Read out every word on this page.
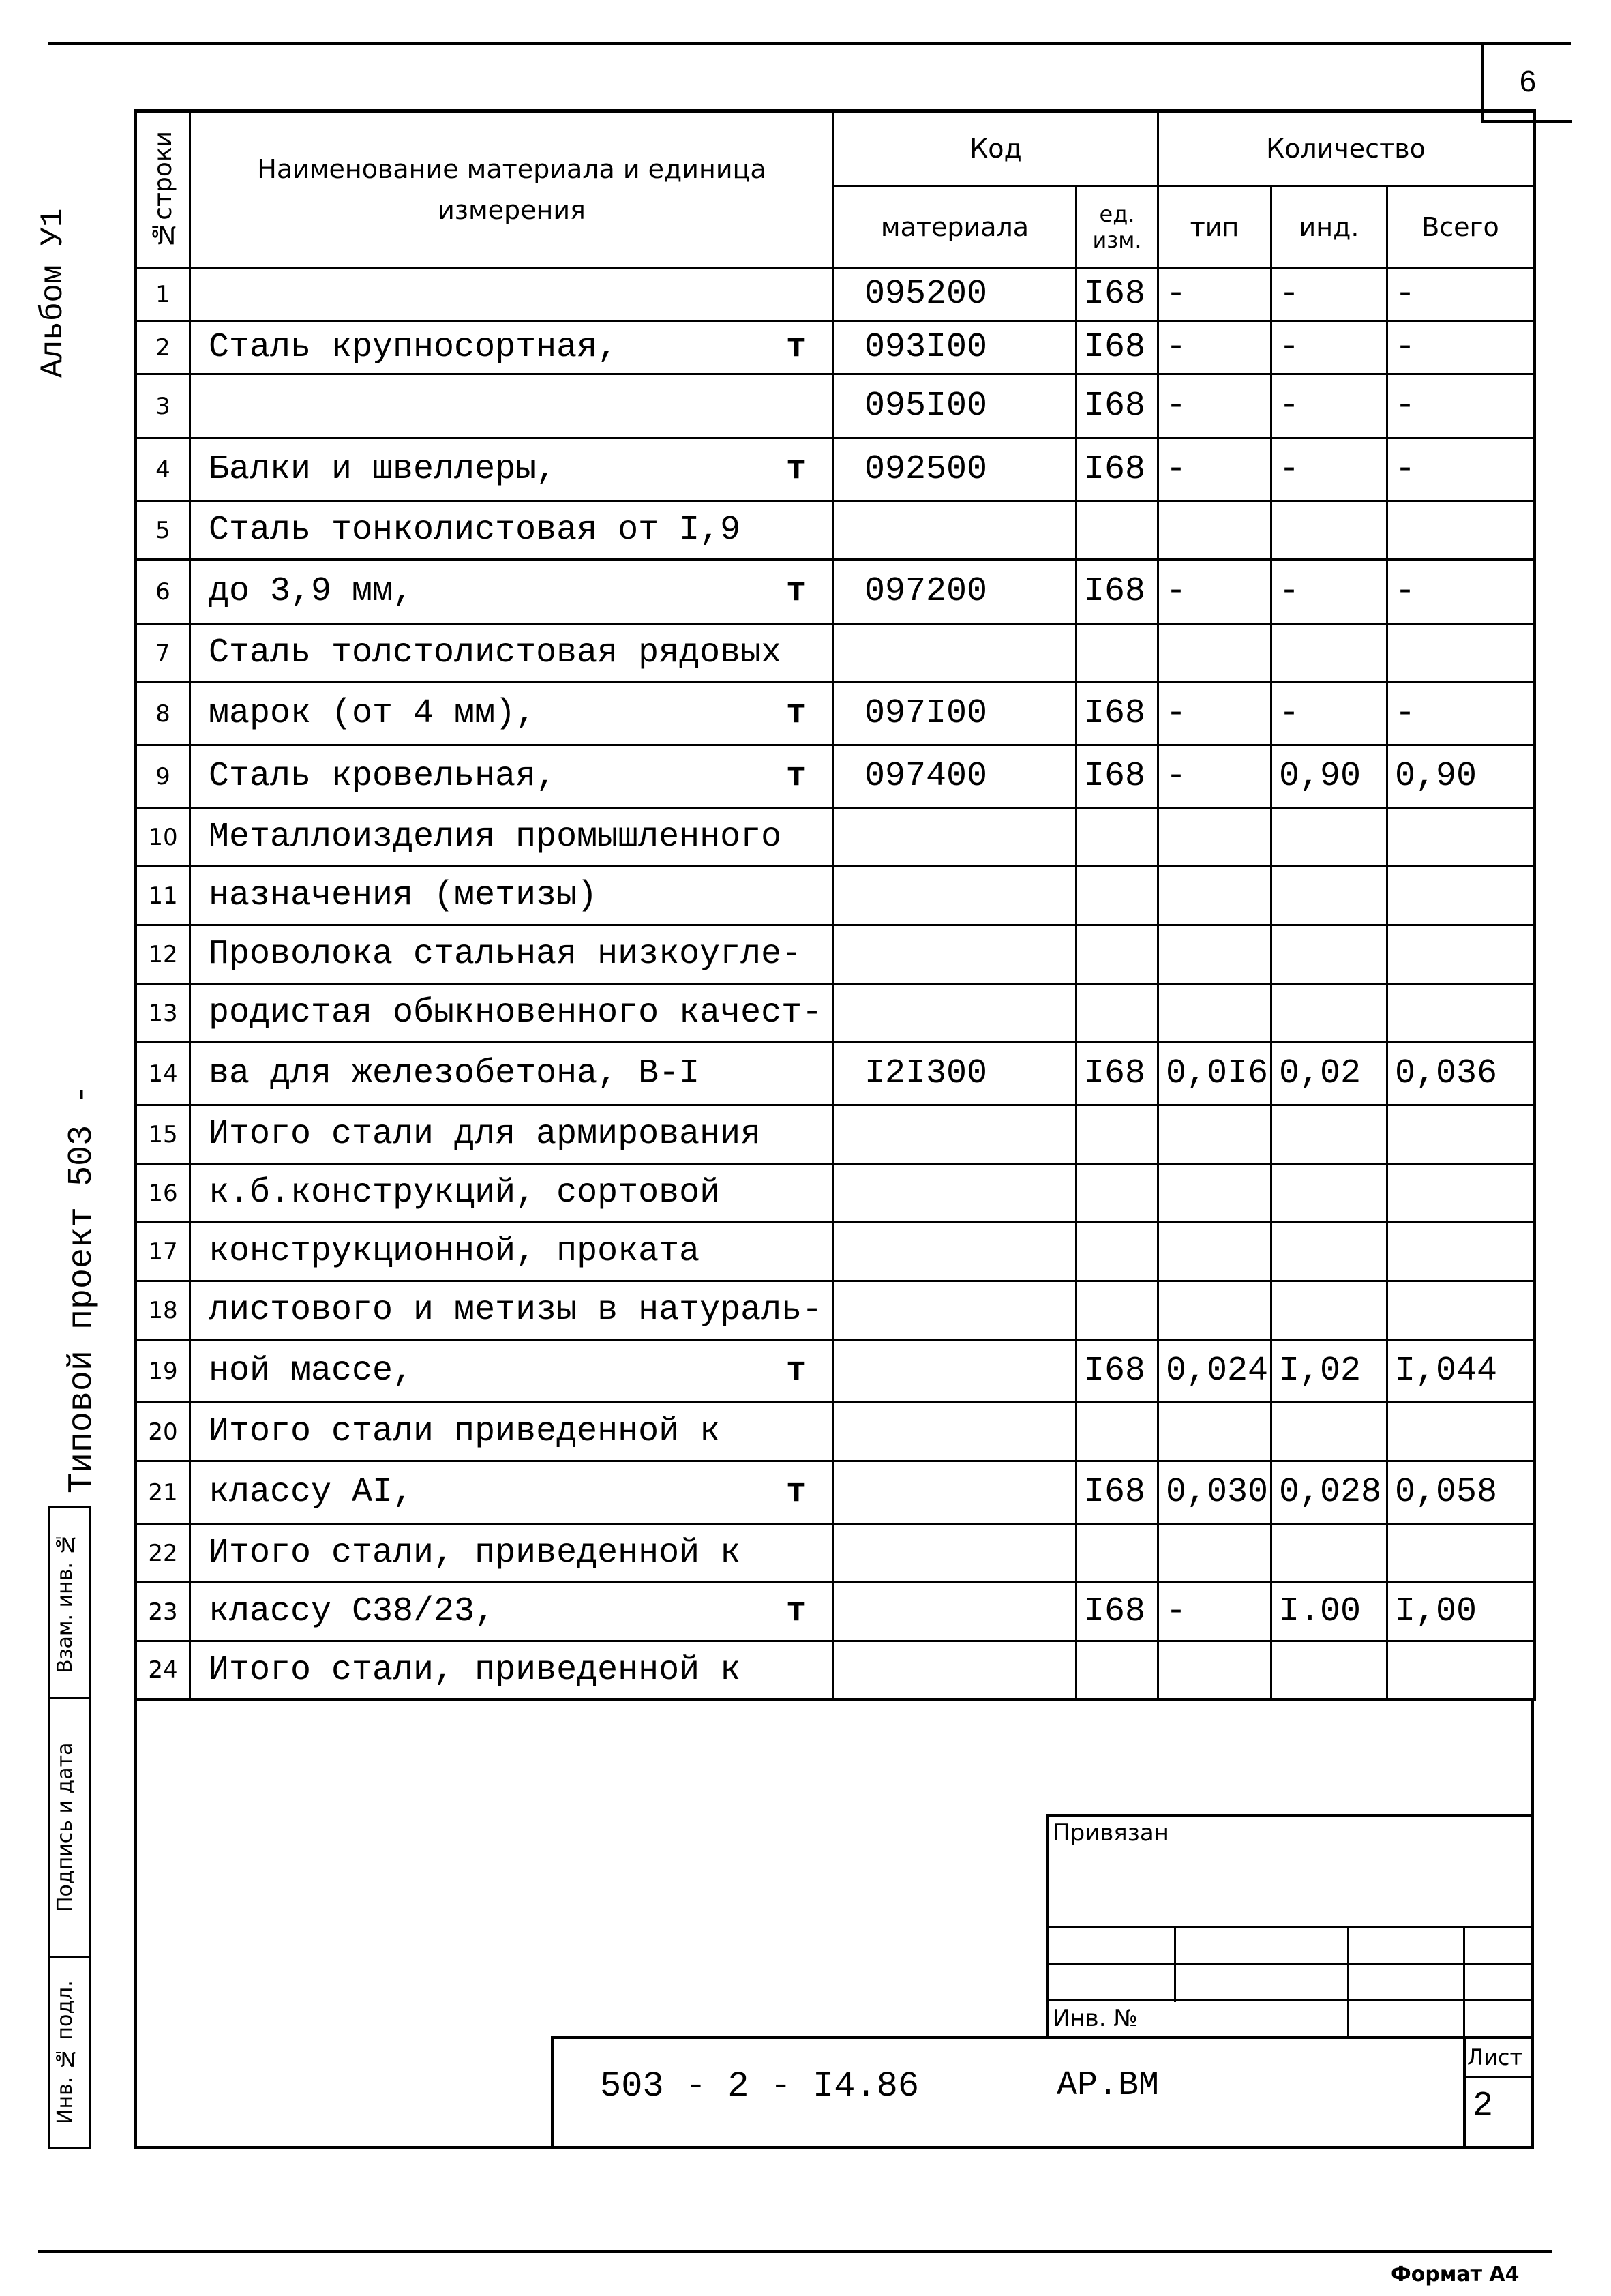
6
Альбом У1
Типовой проект 503 -
Взам. инв. №
Подпись и дата
Инв. № подл.
№строки	Наименование материала и единица измерения	Код		Количество		
		материала	ед. изм.	тип	инд.	Всего
1		095200	I68	-	-	-
2	Сталь крупносортная, т	093I00	I68	-	-	-
3		095I00	I68	-	-	-
4	Балки и швеллеры, т	092500	I68	-	-	-
5	Сталь тонколистовая от I,9					
6	до 3,9 мм, т	097200	I68	-	-	-
7	Сталь толстолистовая рядовых					
8	марок (от 4 мм), т	097I00	I68	-	-	-
9	Сталь кровельная, т	097400	I68	-	0,90	0,90
10	Металлоизделия промышленного					
11	назначения (метизы)					
12	Проволока стальная низкоугле-					
13	родистая обыкновенного качест-					
14	ва для железобетона, В-I	I2I300	I68	0,0I6	0,02	0,036
15	Итого стали для армирования					
16	к.б.конструкций, сортовой					
17	конструкционной, проката					
18	листового и метизы в натураль-					
19	ной массе, т		I68	0,024	I,02	I,044
20	Итого стали приведенной к					
21	классу АI, т		I68	0,030	0,028	0,058
22	Итого стали, приведенной к					
23	классу С38/23, т		I68	-	I.00	I,00
24	Итого стали, приведенной к					
Привязан
Инв. №
503 - 2 - I4.86	АР.ВМ
Лист
2
Формат А4
